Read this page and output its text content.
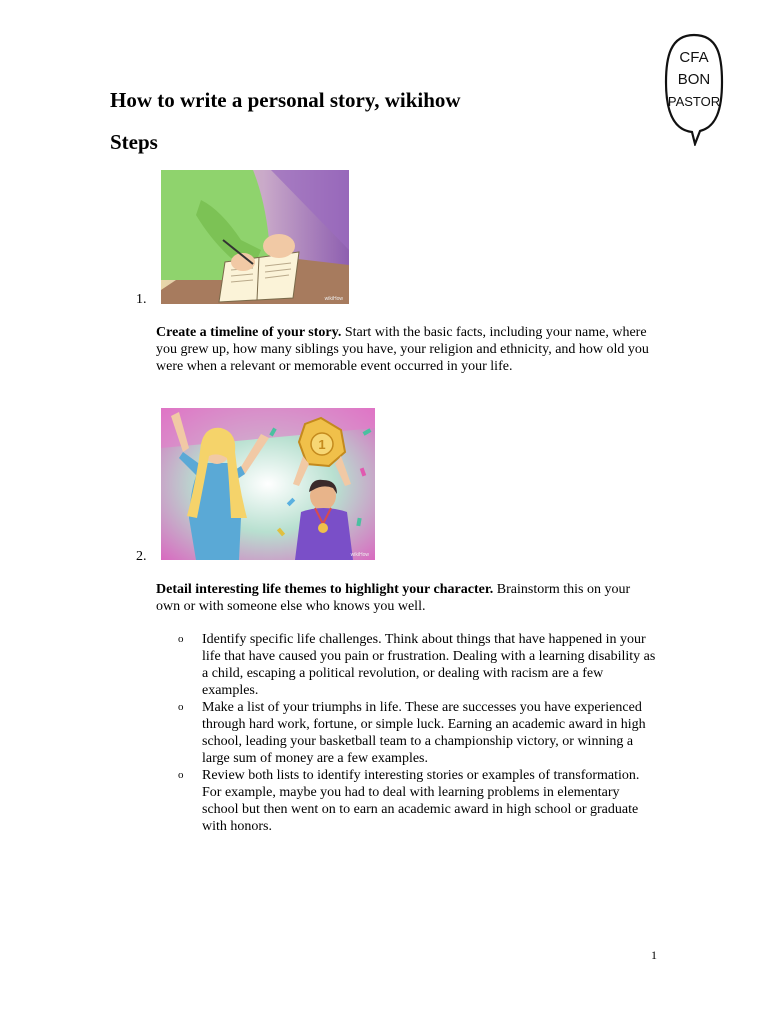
CFA
BON
PASTOR
How to write a personal story, wikihow
Steps
wikiHow
1.

Create a timeline of your story. Start with the basic facts, including your name, where you grew up, how many siblings you have, your religion and ethnicity, and how old you were when a relevant or memorable event occurred in your life.

1
wikiHow
2.

Detail interesting life themes to highlight your character. Brainstorm this on your own or with someone else who knows you well.

o Identify specific life challenges. Think about things that have happened in your life that have caused you pain or frustration. Dealing with a learning disability as a child, escaping a political revolution, or dealing with racism are a few examples.
o Make a list of your triumphs in life. These are successes you have experienced through hard work, fortune, or simple luck. Earning an academic award in high school, leading your basketball team to a championship victory, or winning a large sum of money are a few examples.
o Review both lists to identify interesting stories or examples of transformation. For example, maybe you had to deal with learning problems in elementary school but then went on to earn an academic award in high school or graduate with honors.
1
